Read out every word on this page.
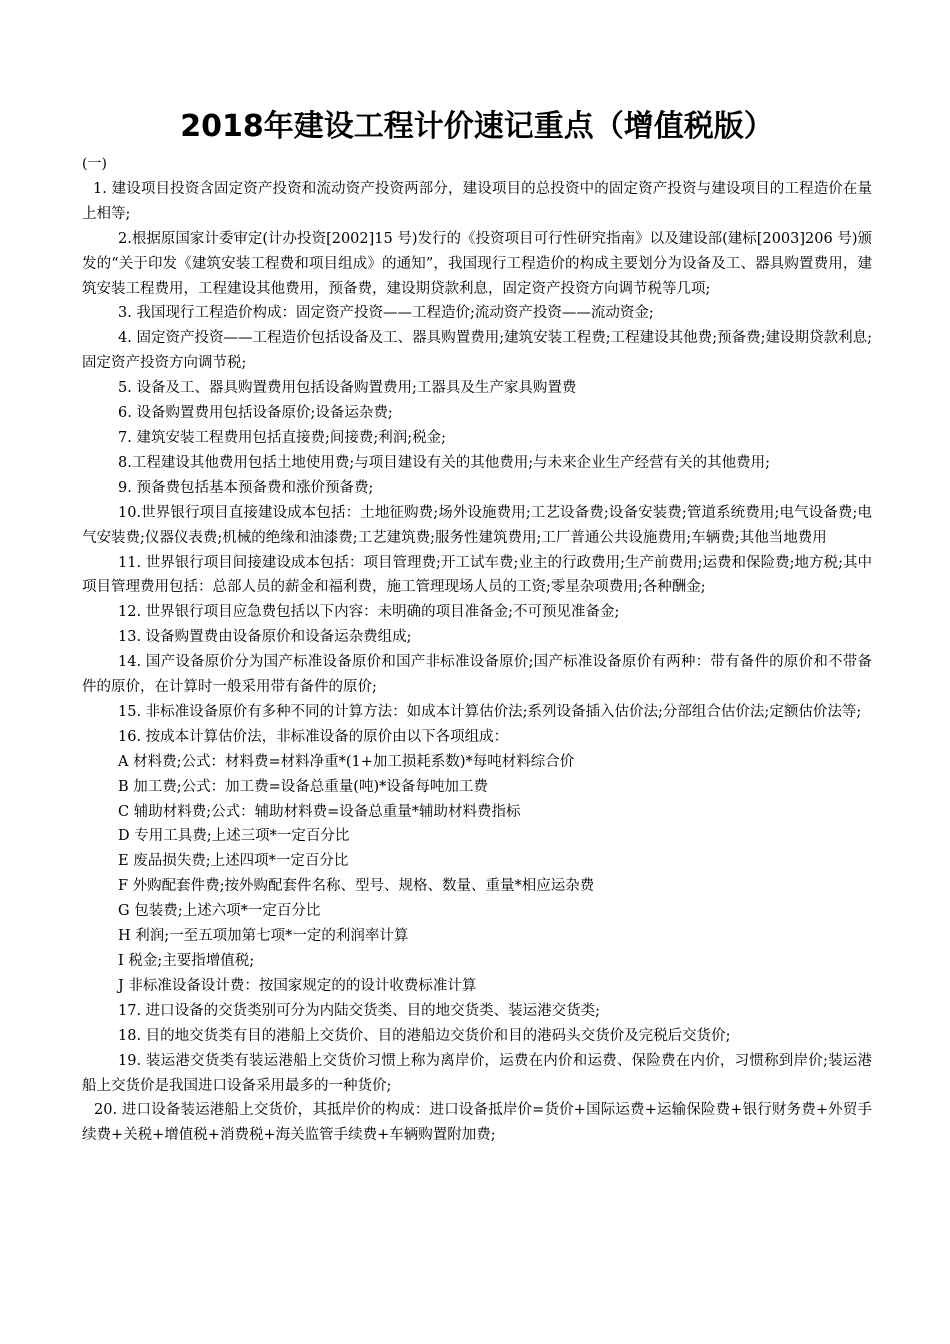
2018年建设工程计价速记重点（增值税版）
(一)

1. 建设项目投资含固定资产投资和流动资产投资两部分，建设项目的总投资中的固定资产投资与建设项目的工程造价在量上相等;

2.根据原国家计委审定(计办投资[2002]15 号)发行的《投资项目可行性研究指南》以及建设部(建标[2003]206 号)颁发的“关于印发《建筑安装工程费和项目组成》的通知”，我国现行工程造价的构成主要划分为设备及工、器具购置费用，建筑安装工程费用，工程建设其他费用，预备费，建设期贷款利息，固定资产投资方向调节税等几项;

3. 我国现行工程造价构成：固定资产投资——工程造价;流动资产投资——流动资金;

4. 固定资产投资——工程造价包括设备及工、器具购置费用;建筑安装工程费;工程建设其他费;预备费;建设期贷款利息;固定资产投资方向调节税;

5. 设备及工、器具购置费用包括设备购置费用;工器具及生产家具购置费

6. 设备购置费用包括设备原价;设备运杂费;

7. 建筑安装工程费用包括直接费;间接费;利润;税金;

8.工程建设其他费用包括土地使用费;与项目建设有关的其他费用;与未来企业生产经营有关的其他费用;

9. 预备费包括基本预备费和涨价预备费;

10.世界银行项目直接建设成本包括：土地征购费;场外设施费用;工艺设备费;设备安装费;管道系统费用;电气设备费;电气安装费;仪器仪表费;机械的绝缘和油漆费;工艺建筑费;服务性建筑费用;工厂普通公共设施费用;车辆费;其他当地费用

11. 世界银行项目间接建设成本包括：项目管理费;开工试车费;业主的行政费用;生产前费用;运费和保险费;地方税;其中项目管理费用包括：总部人员的薪金和福利费，施工管理现场人员的工资;零星杂项费用;各种酬金;

12. 世界银行项目应急费包括以下内容：未明确的项目准备金;不可预见准备金;

13. 设备购置费由设备原价和设备运杂费组成;

14. 国产设备原价分为国产标准设备原价和国产非标准设备原价;国产标准设备原价有两种：带有备件的原价和不带备件的原价，在计算时一般采用带有备件的原价;

15. 非标准设备原价有多种不同的计算方法：如成本计算估价法;系列设备插入估价法;分部组合估价法;定额估价法等;

16. 按成本计算估价法，非标准设备的原价由以下各项组成：

A 材料费;公式：材料费=材料净重*(1+加工损耗系数)*每吨材料综合价

B 加工费;公式：加工费=设备总重量(吨)*设备每吨加工费

C 辅助材料费;公式：辅助材料费=设备总重量*辅助材料费指标

D 专用工具费;上述三项*一定百分比

E 废品损失费;上述四项*一定百分比

F 外购配套件费;按外购配套件名称、型号、规格、数量、重量*相应运杂费

G 包装费;上述六项*一定百分比

H 利润;一至五项加第七项*一定的利润率计算

I 税金;主要指增值税;

J 非标准设备设计费：按国家规定的的设计收费标准计算

17. 进口设备的交货类别可分为内陆交货类、目的地交货类、装运港交货类;

18. 目的地交货类有目的港船上交货价、目的港船边交货价和目的港码头交货价及完税后交货价;

19. 装运港交货类有装运港船上交货价习惯上称为离岸价，运费在内价和运费、保险费在内价，习惯称到岸价;装运港船上交货价是我国进口设备采用最多的一种货价;

20. 进口设备装运港船上交货价，其抵岸价的构成：进口设备抵岸价=货价+国际运费+运输保险费+银行财务费+外贸手续费+关税+增值税+消费税+海关监管手续费+车辆购置附加费;
